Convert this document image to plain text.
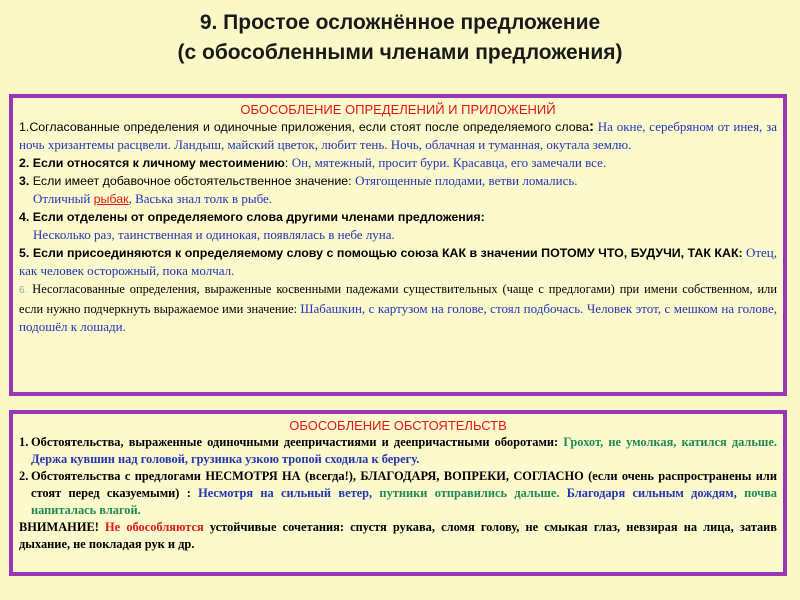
9. Простое осложнённое предложение
(с обособленными членами предложения)
ОБОСОБЛЕНИЕ ОПРЕДЕЛЕНИЙ И ПРИЛОЖЕНИЙ

1.Согласованные определения и одиночные приложения, если стоят после определяемого слова: На окне, серебряном от инея, за ночь хризантемы расцвели. Ландыш, майский цветок, любит тень. Ночь, облачная и туманная, окутала землю.

2. Если относятся к личному местоимению: Он, мятежный, просит бури. Красавца, его замечали все.

3. Если имеет добавочное обстоятельственное значение: Отягощенные плодами, ветви ломались.

Отличный рыбак, Васька знал толк в рыбе.

4. Если отделены от определяемого слова другими членами предложения:

Несколько раз, таинственная и одинокая, появлялась в небе луна.

5. Если присоединяются к определяемому слову с помощью союза КАК в значении ПОТОМУ ЧТО, БУДУЧИ, ТАК КАК: Отец, как человек осторожный, пока молчал.

6. Несогласованные определения, выраженные косвенными падежами существительных (чаще с предлогами) при имени собственном, или если нужно подчеркнуть выражаемое ими значение: Шабашкин, с картузом на голове, стоял подбочась. Человек этот, с мешком на голове, подошёл к лошади.

ОБОСОБЛЕНИЕ ОБСТОЯТЕЛЬСТВ

1. Обстоятельства, выраженные одиночными деепричастиями и деепричастными оборотами: Грохот, не умолкая, катился дальше. Держа кувшин над головой, грузинка узкою тропой сходила к берегу.

2. Обстоятельства с предлогами НЕСМОТРЯ НА (всегда!), БЛАГОДАРЯ, ВОПРЕКИ, СОГЛАСНО (если очень распространены или стоят перед сказуемыми) : Несмотря на сильный ветер, путники отправились дальше. Благодаря сильным дождям, почва напиталась влагой.

ВНИМАНИЕ! Не обособляются устойчивые сочетания: спустя рукава, сломя голову, не смыкая глаз, невзирая на лица, затаив дыхание, не покладая рук и др.
